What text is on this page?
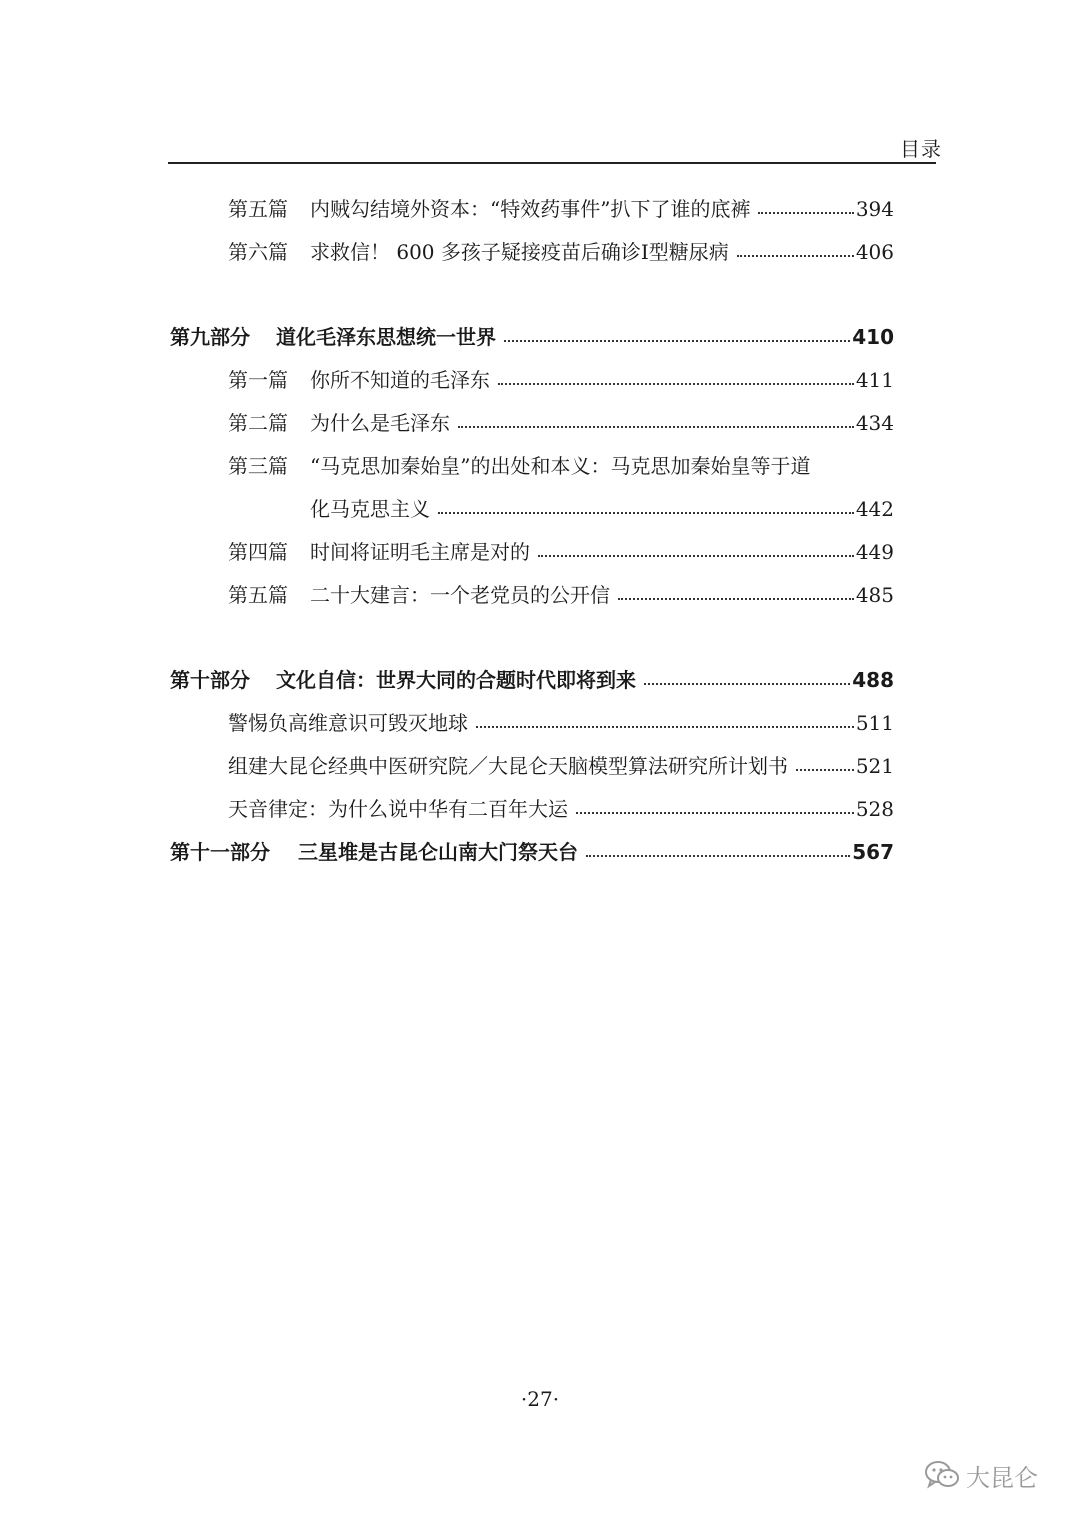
目录
第五篇	内贼勾结境外资本：“特效药事件”扒下了谁的底裤	394
第六篇	求救信！ 600 多孩子疑接疫苗后确诊Ⅰ型糖尿病	406
第九部分	道化毛泽东思想统一世界	410
第一篇	你所不知道的毛泽东	411
第二篇	为什么是毛泽东	434
第三篇 “马克思加秦始皇”的出处和本义：马克思加秦始皇等于道
化马克思主义	442
第四篇	时间将证明毛主席是对的	449
第五篇	二十大建言：一个老党员的公开信	485
第十部分	文化自信：世界大同的合题时代即将到来	488
警惕负高维意识可毁灭地球	511
组建大昆仑经典中医研究院／大昆仑天脑模型算法研究所计划书	521
天音律定：为什么说中华有二百年大运	528
第十一部分	三星堆是古昆仑山南大门祭天台	567
·27·
大昆仑
